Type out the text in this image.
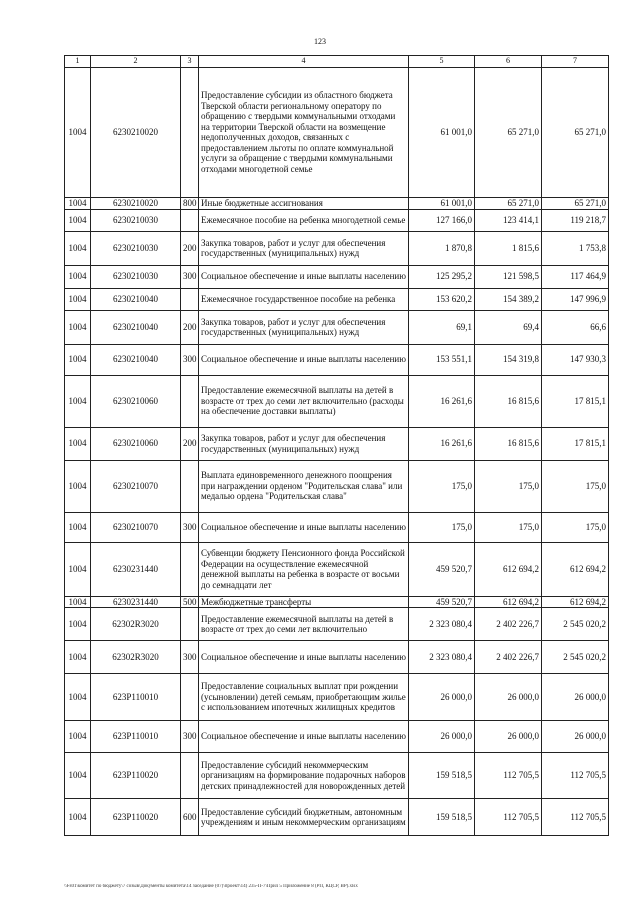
123
1	2	3	4	5	6	7
1004	6230210020		Предоставление субсидии из областного бюджета Тверской области региональному оператору по обращению с твердыми коммунальными отходами на территории Тверской области на возмещение недополученных доходов, связанных с предоставлением льготы по оплате коммунальной услуги за обращение с твердыми коммунальными отходами многодетной семье	61 001,0	65 271,0	65 271,0
1004	6230210020	800	Иные бюджетные ассигнования	61 001,0	65 271,0	65 271,0
1004	6230210030		Ежемесячное пособие на ребенка многодетной семье	127 166,0	123 414,1	119 218,7
1004	6230210030	200	Закупка товаров, работ и услуг для обеспечения государственных (муниципальных) нужд	1 870,8	1 815,6	1 753,8
1004	6230210030	300	Социальное обеспечение и иные выплаты населению	125 295,2	121 598,5	117 464,9
1004	6230210040		Ежемесячное государственное пособие на ребенка	153 620,2	154 389,2	147 996,9
1004	6230210040	200	Закупка товаров, работ и услуг для обеспечения государственных (муниципальных) нужд	69,1	69,4	66,6
1004	6230210040	300	Социальное обеспечение и иные выплаты населению	153 551,1	154 319,8	147 930,3
1004	6230210060		Предоставление ежемесячной выплаты на детей в возрасте от трех до семи лет включительно (расходы на обеспечение доставки выплаты)	16 261,6	16 815,6	17 815,1
1004	6230210060	200	Закупка товаров, работ и услуг для обеспечения государственных (муниципальных) нужд	16 261,6	16 815,6	17 815,1
1004	6230210070		Выплата единовременного денежного поощрения при награждении орденом "Родительская слава" или медалью ордена "Родительская слава"	175,0	175,0	175,0
1004	6230210070	300	Социальное обеспечение и иные выплаты населению	175,0	175,0	175,0
1004	6230231440		Субвенции бюджету Пенсионного фонда Российской Федерации на осуществление ежемесячной денежной выплаты на ребенка в возрасте от восьми до семнадцати лет	459 520,7	612 694,2	612 694,2
1004	6230231440	500	Межбюджетные трансферты	459 520,7	612 694,2	612 694,2
1004	62302R3020		Предоставление ежемесячной выплаты на детей в возрасте от трех до семи лет включительно	2 323 080,4	2 402 226,7	2 545 020,2
1004	62302R3020	300	Социальное обеспечение и иные выплаты населению	2 323 080,4	2 402 226,7	2 545 020,2
1004	623P110010		Предоставление социальных выплат при рождении (усыновлении) детей семьям, приобретающим жилье с использованием ипотечных жилищных кредитов	26 000,0	26 000,0	26 000,0
1004	623P110010	300	Социальное обеспечение и иные выплаты населению	26 000,0	26 000,0	26 000,0
1004	623P110020		Предоставление субсидий некоммерческим организациям на формирование подарочных наборов детских принадлежностей для новорожденных детей	159 518,5	112 705,5	112 705,5
1004	623P110020	600	Предоставление субсидий бюджетным, автономным учреждениям и иным некоммерческим организациям	159 518,5	112 705,5	112 705,5
\\Fs01\комитет по бюджету\7 созыв\Документы комитета\14 заседание (07)\проект\14) 235-П-7\Прил 5 Приложение 8 (РП, КЦСР, ВР).xlsx
